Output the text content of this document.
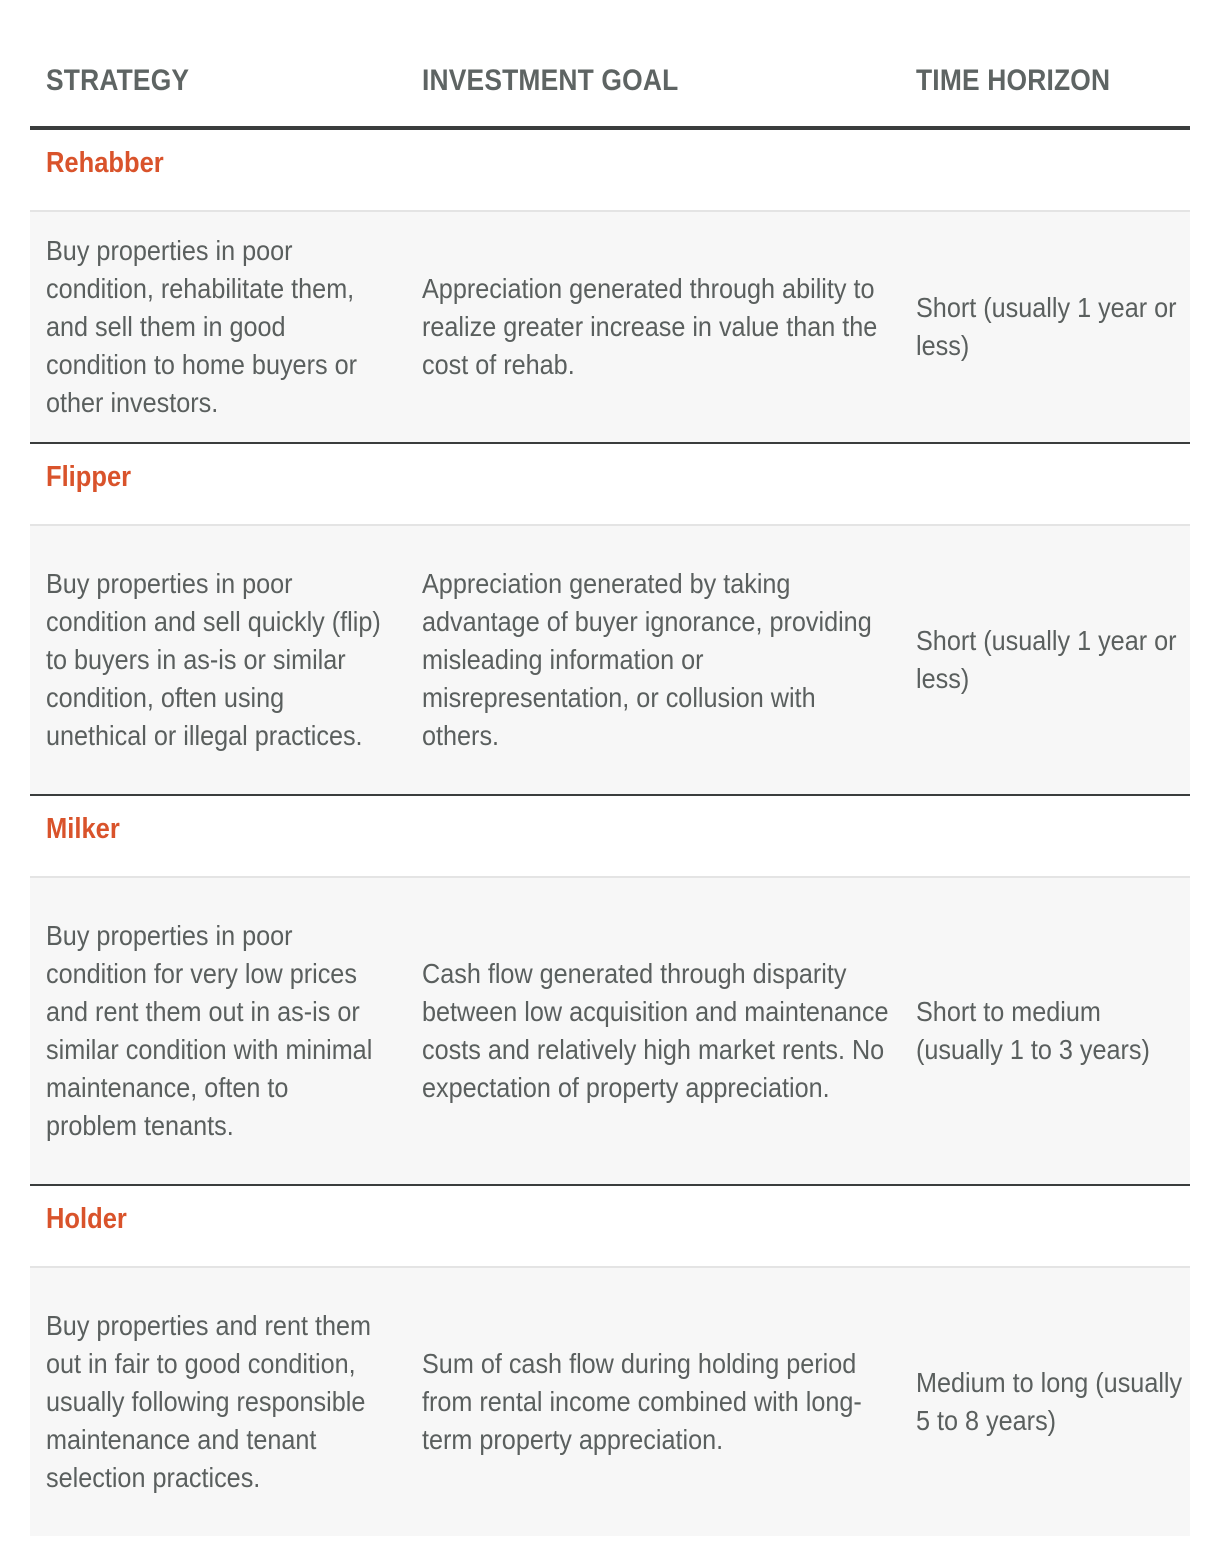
STRATEGY	INVESTMENT GOAL	TIME HORIZON
Rehabber
Buy properties in poor condition, rehabilitate them, and sell them in good condition to home buyers or other investors.
Appreciation generated through ability to realize greater increase in value than the cost of rehab.
Short (usually 1 year or less)
Flipper
Buy properties in poor condition and sell quickly (flip) to buyers in as-is or similar condition, often using unethical or illegal practices.
Appreciation generated by taking advantage of buyer ignorance, providing misleading information or misrepresentation, or collusion with others.
Short (usually 1 year or less)
Milker
Buy properties in poor condition for very low prices and rent them out in as-is or similar condition with minimal maintenance, often to problem tenants.
Cash flow generated through disparity between low acquisition and maintenance costs and relatively high market rents. No expectation of property appreciation.
Short to medium (usually 1 to 3 years)
Holder
Buy properties and rent them out in fair to good condition, usually following responsible maintenance and tenant selection practices.
Sum of cash flow during holding period from rental income combined with long-term property appreciation.
Medium to long (usually 5 to 8 years)
